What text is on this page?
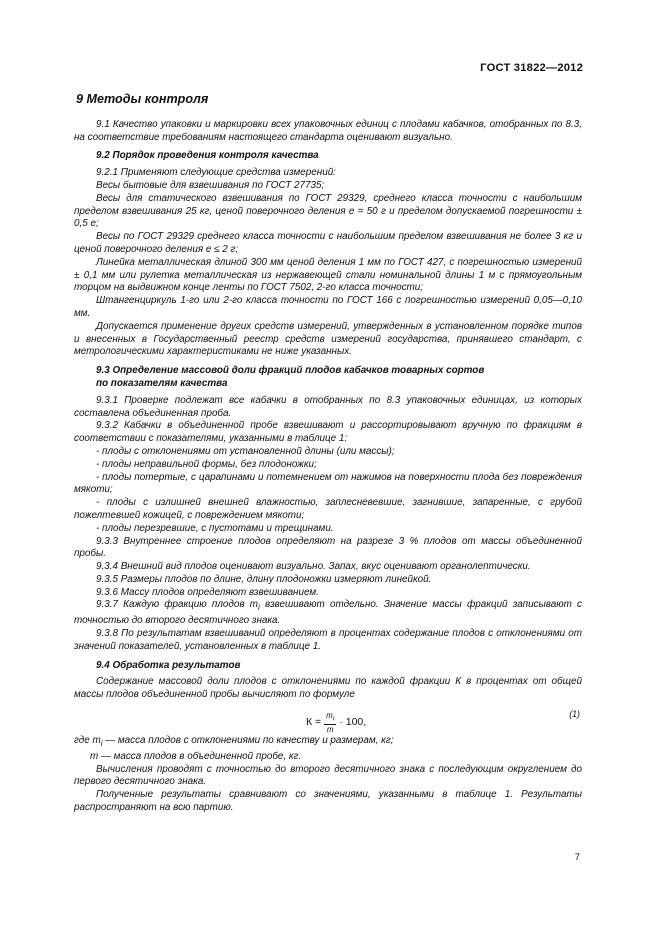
ГОСТ 31822—2012
9 Методы контроля

9.1 Качество упаковки и маркировки всех упаковочных единиц с плодами кабачков, отобранных по 8.3, на соответствие требованиям настоящего стандарта оценивают визуально.

9.2 Порядок проведения контроля качества

9.2.1 Применяют следующие средства измерений:

Весы бытовые для взвешивания по ГОСТ 27735;

Весы для статического взвешивания по ГОСТ 29329, среднего класса точности с наибольшим пределом взвешивания 25 кг, ценой поверочного деления е = 50 г и пределом допускаемой погрешности ± 0,5 е;

Весы по ГОСТ 29329 среднего класса точности с наибольшим пределом взвешивания не более 3 кг и ценой поверочного деления е ≤ 2 г;

Линейка металлическая длиной 300 мм ценой деления 1 мм по ГОСТ 427, с погрешностью измерений ± 0,1 мм или рулетка металлическая из нержавеющей стали номинальной длины 1 м с прямоугольным торцом на выдвижном конце ленты по ГОСТ 7502, 2-го класса точности;

Штангенциркуль 1-го или 2-го класса точности по ГОСТ 166 с погрешностью измерений 0,05—0,10 мм.

Допускается применение других средств измерений, утвержденных в установленном порядке типов и внесенных в Государственный реестр средств измерений государства, принявшего стандарт, с метрологическими характеристиками не ниже указанных.

9.3 Определение массовой доли фракций плодов кабачков товарных сортов
по показателям качества

9.3.1 Проверке подлежат все кабачки в отобранных по 8.3 упаковочных единицах, из которых составлена объединенная проба.

9.3.2 Кабачки в объединенной пробе взвешивают и рассортировывают вручную по фракциям в соответствии с показателями, указанными в таблице 1:

- плоды с отклонениями от установленной длины (или массы);

- плоды неправильной формы, без плодоножки;

- плоды потертые, с царапинами и потемнением от нажимов на поверхности плода без повреждения мякоти;

- плоды с излишней внешней влажностью, заплесневевшие, загнившие, запаренные, с грубой пожелтевшей кожицей, с повреждением мякоти;

- плоды перезревшие, с пустотами и трещинами.

9.3.3 Внутреннее строение плодов определяют на разрезе 3 % плодов от массы объединенной пробы.

9.3.4 Внешний вид плодов оценивают визуально. Запах, вкус оценивают органолептически.

9.3.5 Размеры плодов по длине, длину плодоножки измеряют линейкой.

9.3.6 Массу плодов определяют взвешиванием.

9.3.7 Каждую фракцию плодов $m_i$ взвешивают отдельно. Значение массы фракций записывают с точностью до второго десятичного знака.

9.3.8 По результатам взвешиваний определяют в процентах содержание плодов с отклонениями от значений показателей, установленных в таблице 1.

9.4 Обработка результатов

Содержание массовой доли плодов с отклонениями по каждой фракции К в процентах от общей массы плодов объединенной пробы вычисляют по формуле

$К = \frac{m_i}{m} \cdot 100$,
(1)

где $m_i$ — масса плодов с отклонениями по качеству и размерам, кг;

m — масса плодов в объединенной пробе, кг.

Вычисления проводят с точностью до второго десятичного знака с последующим округлением до первого десятичного знака.

Полученные результаты сравнивают со значениями, указанными в таблице 1. Результаты распространяют на всю партию.

7
